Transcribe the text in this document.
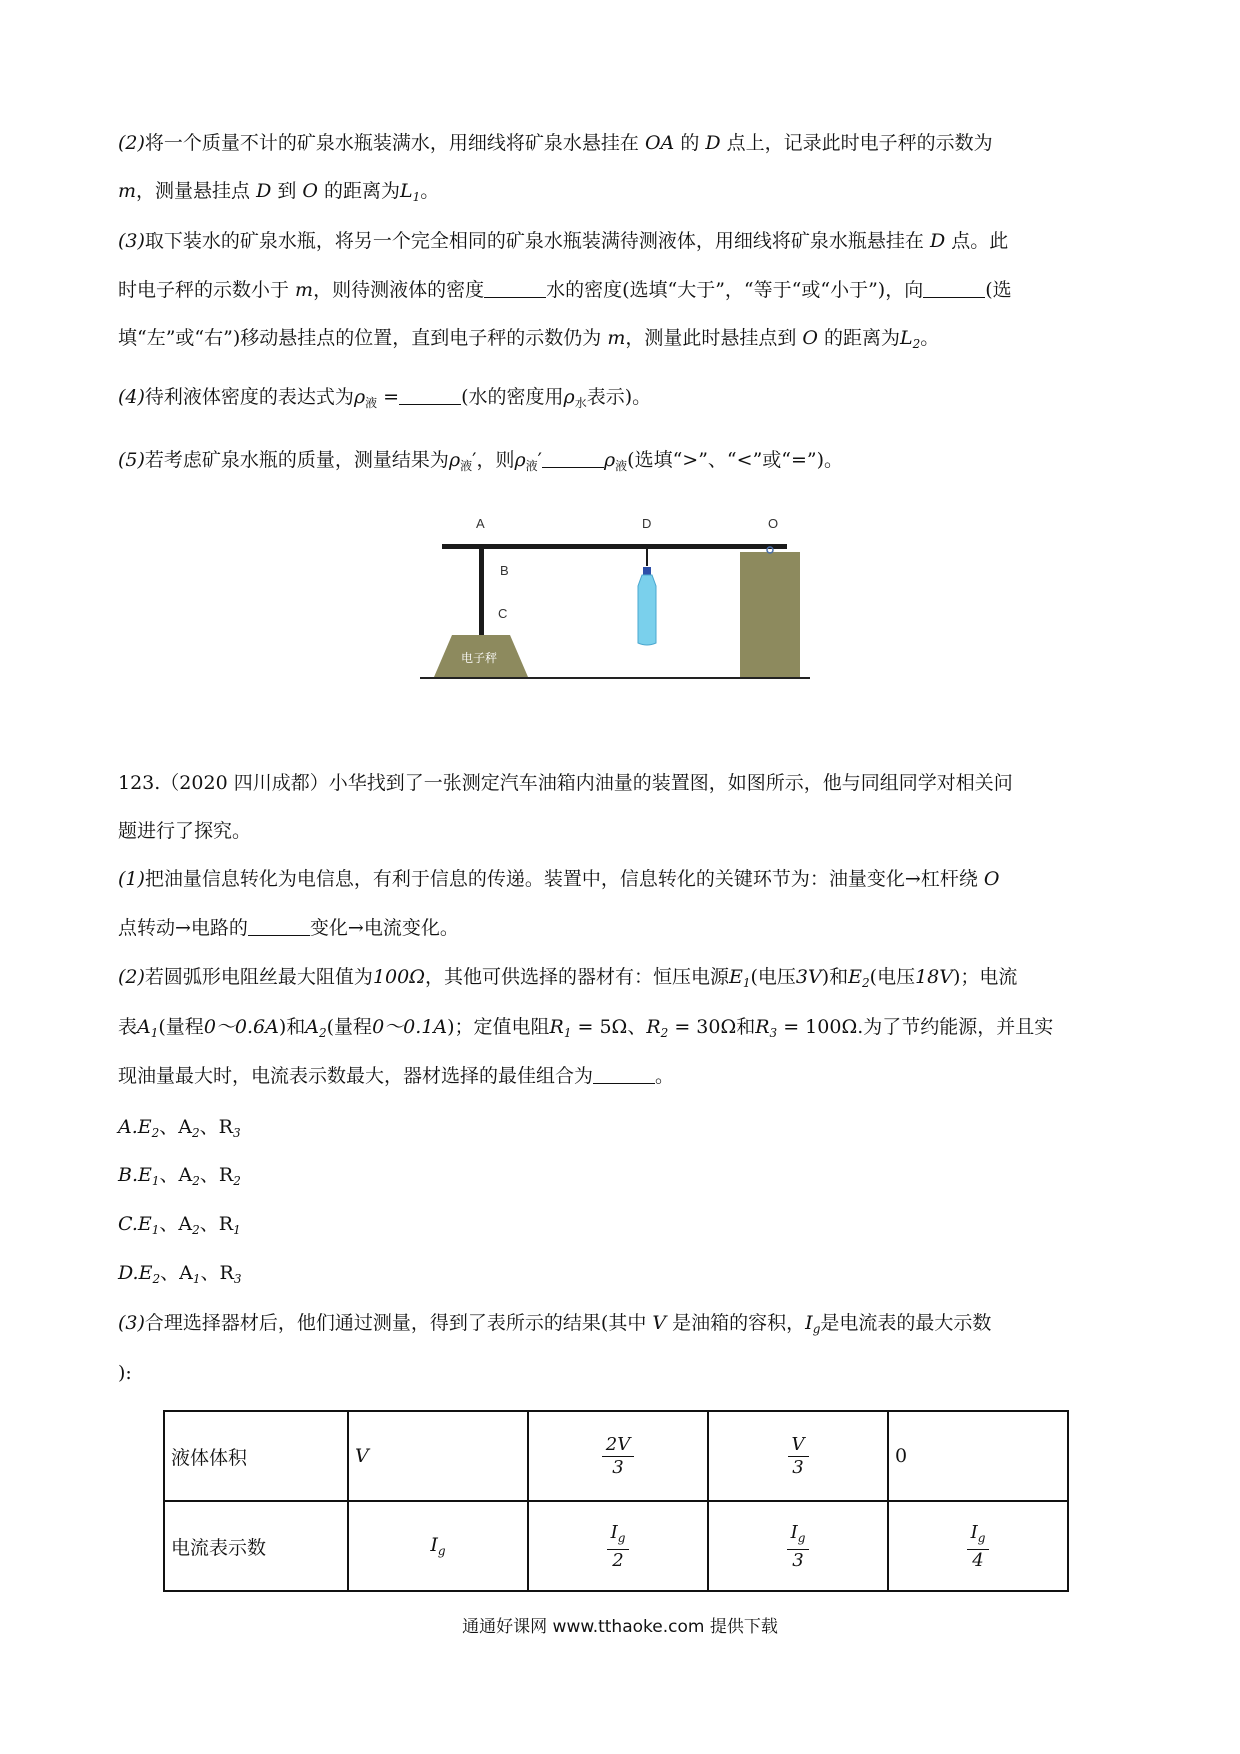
(2)将一个质量不计的矿泉水瓶装满水，用细线将矿泉水悬挂在 OA 的 D 点上，记录此时电子秤的示数为
m，测量悬挂点 D 到 O 的距离为$L_1$。
(3)取下装水的矿泉水瓶，将另一个完全相同的矿泉水瓶装满待测液体，用细线将矿泉水瓶悬挂在 D 点。此
时电子秤的示数小于 m，则待测液体的密度	水的密度(选填“大于”，“等于“或“小于”)，向	(选
填“左”或“右”)移动悬挂点的位置，直到电子秤的示数仍为 m，测量此时悬挂点到 O 的距离为$L_2$。
(4)待利液体密度的表达式为$\rho_液$ =	(水的密度用$\rho_水$表示)。
(5)若考虑矿泉水瓶的质量，测量结果为$\rho_液'$，则$\rho_液'$	$\rho_液$(选填“>”、“<”或“=”)。
A	D	O
B
C
电子秤
123.（2020 四川成都）小华找到了一张测定汽车油箱内油量的装置图，如图所示，他与同组同学对相关问
题进行了探究。
(1)把油量信息转化为电信息，有利于信息的传递。装置中，信息转化的关键环节为：油量变化→杠杆绕 O
点转动→电路的	变化→电流变化。
(2)若圆弧形电阻丝最大阻值为100Ω，其他可供选择的器材有：恒压电源$E_1$(电压3V)和$E_2$(电压18V)；电流
表$A_1$(量程0～0.6A)和$A_2$(量程0～0.1A)；定值电阻$R_1 = 5\Omega$、$R_2 = 30\Omega$和$R_3 = 100\Omega$.为了节约能源，并且实
现油量最大时，电流表示数最大，器材选择的最佳组合为	。
$A.E_2$、$A_2$、$R_3$
$B.E_1$、$A_2$、$R_2$
$C.E_1$、$A_2$、$R_1$
$D.E_2$、$A_1$、$R_3$
(3)合理选择器材后，他们通过测量，得到了表所示的结果(其中 V 是油箱的容积，$I_g$是电流表的最大示数
):
液体体积	V	$\frac{2V}{3}$	$\frac{V}{3}$	0
电流表示数	$I_g$	$\frac{I_g}{2}$	$\frac{I_g}{3}$	$\frac{I_g}{4}$
通通好课网 www.tthaoke.com 提供下载
